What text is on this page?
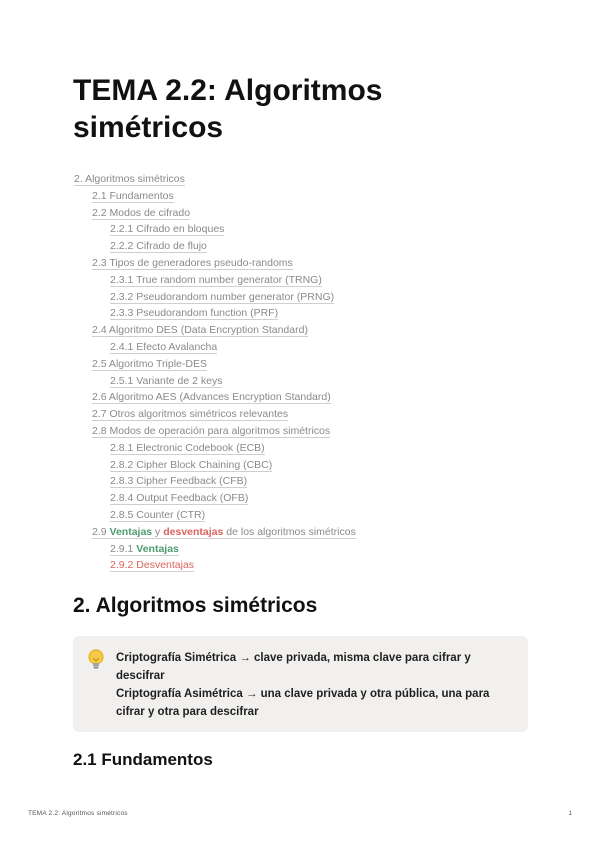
TEMA 2.2: Algoritmos simétricos
2. Algoritmos simétricos
2.1 Fundamentos
2.2 Modos de cifrado
2.2.1 Cifrado en bloques
2.2.2 Cifrado de flujo
2.3 Tipos de generadores pseudo-randoms
2.3.1 True random number generator (TRNG)
2.3.2 Pseudorandom number generator (PRNG)
2.3.3 Pseudorandom function (PRF)
2.4 Algoritmo DES (Data Encryption Standard)
2.4.1 Efecto Avalancha
2.5 Algoritmo Triple-DES
2.5.1 Variante de 2 keys
2.6 Algoritmo AES (Advances Encryption Standard)
2.7 Otros algoritmos simétricos relevantes
2.8 Modos de operación para algoritmos simétricos
2.8.1 Electronic Codebook (ECB)
2.8.2 Cipher Block Chaining (CBC)
2.8.3 Cipher Feedback (CFB)
2.8.4 Output Feedback (OFB)
2.8.5 Counter (CTR)
2.9 Ventajas y desventajas de los algoritmos simétricos
2.9.1 Ventajas
2.9.2 Desventajas
2. Algoritmos simétricos
Criptografía Simétrica → clave privada, misma clave para cifrar y descifrar
Criptografía Asimétrica → una clave privada y otra pública, una para cifrar y otra para descifrar
2.1 Fundamentos
TEMA 2.2: Algoritmos simétricos	1
